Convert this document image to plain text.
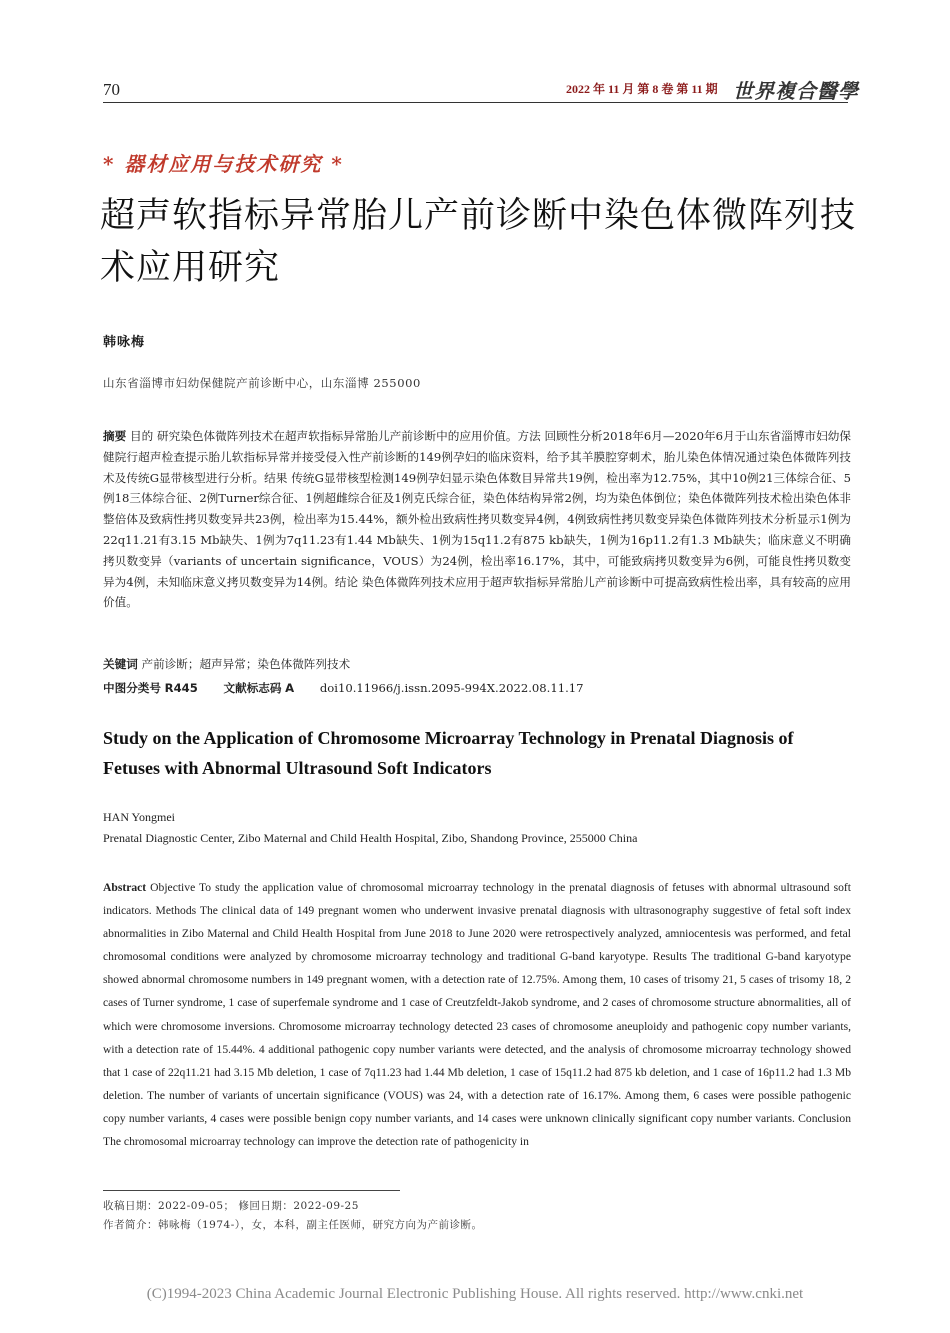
70	2022 年 11 月 第 8 卷 第 11 期 世界複合醫學
* 器材应用与技术研究 *
超声软指标异常胎儿产前诊断中染色体微阵列技术应用研究
韩咏梅
山东省淄博市妇幼保健院产前诊断中心，山东淄博 255000
摘要 目的 研究染色体微阵列技术在超声软指标异常胎儿产前诊断中的应用价值。方法 回顾性分析2018年6月—2020年6月于山东省淄博市妇幼保健院行超声检查提示胎儿软指标异常并接受侵入性产前诊断的149例孕妇的临床资料，给予其羊膜腔穿刺术，胎儿染色体情况通过染色体微阵列技术及传统G显带核型进行分析。结果 传统G显带核型检测149例孕妇显示染色体数目异常共19例，检出率为12.75%，其中10例21三体综合征、5例18三体综合征、2例Turner综合征、1例超雌综合征及1例克氏综合征，染色体结构异常2例，均为染色体倒位；染色体微阵列技术检出染色体非整倍体及致病性拷贝数变异共23例，检出率为15.44%，额外检出致病性拷贝数变异4例，4例致病性拷贝数变异染色体微阵列技术分析显示1例为22q11.21有3.15 Mb缺失、1例为7q11.23有1.44 Mb缺失、1例为15q11.2有875 kb缺失，1例为16p11.2有1.3 Mb缺失；临床意义不明确拷贝数变异（variants of uncertain significance，VOUS）为24例，检出率16.17%，其中，可能致病拷贝数变异为6例，可能良性拷贝数变异为4例，未知临床意义拷贝数变异为14例。结论 染色体微阵列技术应用于超声软指标异常胎儿产前诊断中可提高致病性检出率，具有较高的应用价值。
关键词 产前诊断；超声异常；染色体微阵列技术
中图分类号 R445 文献标志码 A doi10.11966/j.issn.2095-994X.2022.08.11.17
Study on the Application of Chromosome Microarray Technology in Prenatal Diagnosis of Fetuses with Abnormal Ultrasound Soft Indicators
HAN Yongmei
Prenatal Diagnostic Center, Zibo Maternal and Child Health Hospital, Zibo, Shandong Province, 255000 China
Abstract Objective To study the application value of chromosomal microarray technology in the prenatal diagnosis of fetuses with abnormal ultrasound soft indicators. Methods The clinical data of 149 pregnant women who underwent invasive prenatal diagnosis with ultrasonography suggestive of fetal soft index abnormalities in Zibo Maternal and Child Health Hospital from June 2018 to June 2020 were retrospectively analyzed, amniocentesis was performed, and fetal chromosomal conditions were analyzed by chromosome microarray technology and traditional G-band karyotype. Results The traditional G-band karyotype showed abnormal chromosome numbers in 149 pregnant women, with a detection rate of 12.75%. Among them, 10 cases of trisomy 21, 5 cases of trisomy 18, 2 cases of Turner syndrome, 1 case of superfemale syndrome and 1 case of Creutzfeldt-Jakob syndrome, and 2 cases of chromosome structure abnormalities, all of which were chromosome inversions. Chromosome microarray technology detected 23 cases of chromosome aneuploidy and pathogenic copy number variants, with a detection rate of 15.44%. 4 additional pathogenic copy number variants were detected, and the analysis of chromosome microarray technology showed that 1 case of 22q11.21 had 3.15 Mb deletion, 1 case of 7q11.23 had 1.44 Mb deletion, 1 case of 15q11.2 had 875 kb deletion, and 1 case of 16p11.2 had 1.3 Mb deletion. The number of variants of uncertain significance (VOUS) was 24, with a detection rate of 16.17%. Among them, 6 cases were possible pathogenic copy number variants, 4 cases were possible benign copy number variants, and 14 cases were unknown clinically significant copy number variants. Conclusion The chromosomal microarray technology can improve the detection rate of pathogenicity in
收稿日期：2022-09-05； 修回日期：2022-09-25
作者简介：韩咏梅（1974-），女，本科，副主任医师，研究方向为产前诊断。
(C)1994-2023 China Academic Journal Electronic Publishing House. All rights reserved. http://www.cnki.net
